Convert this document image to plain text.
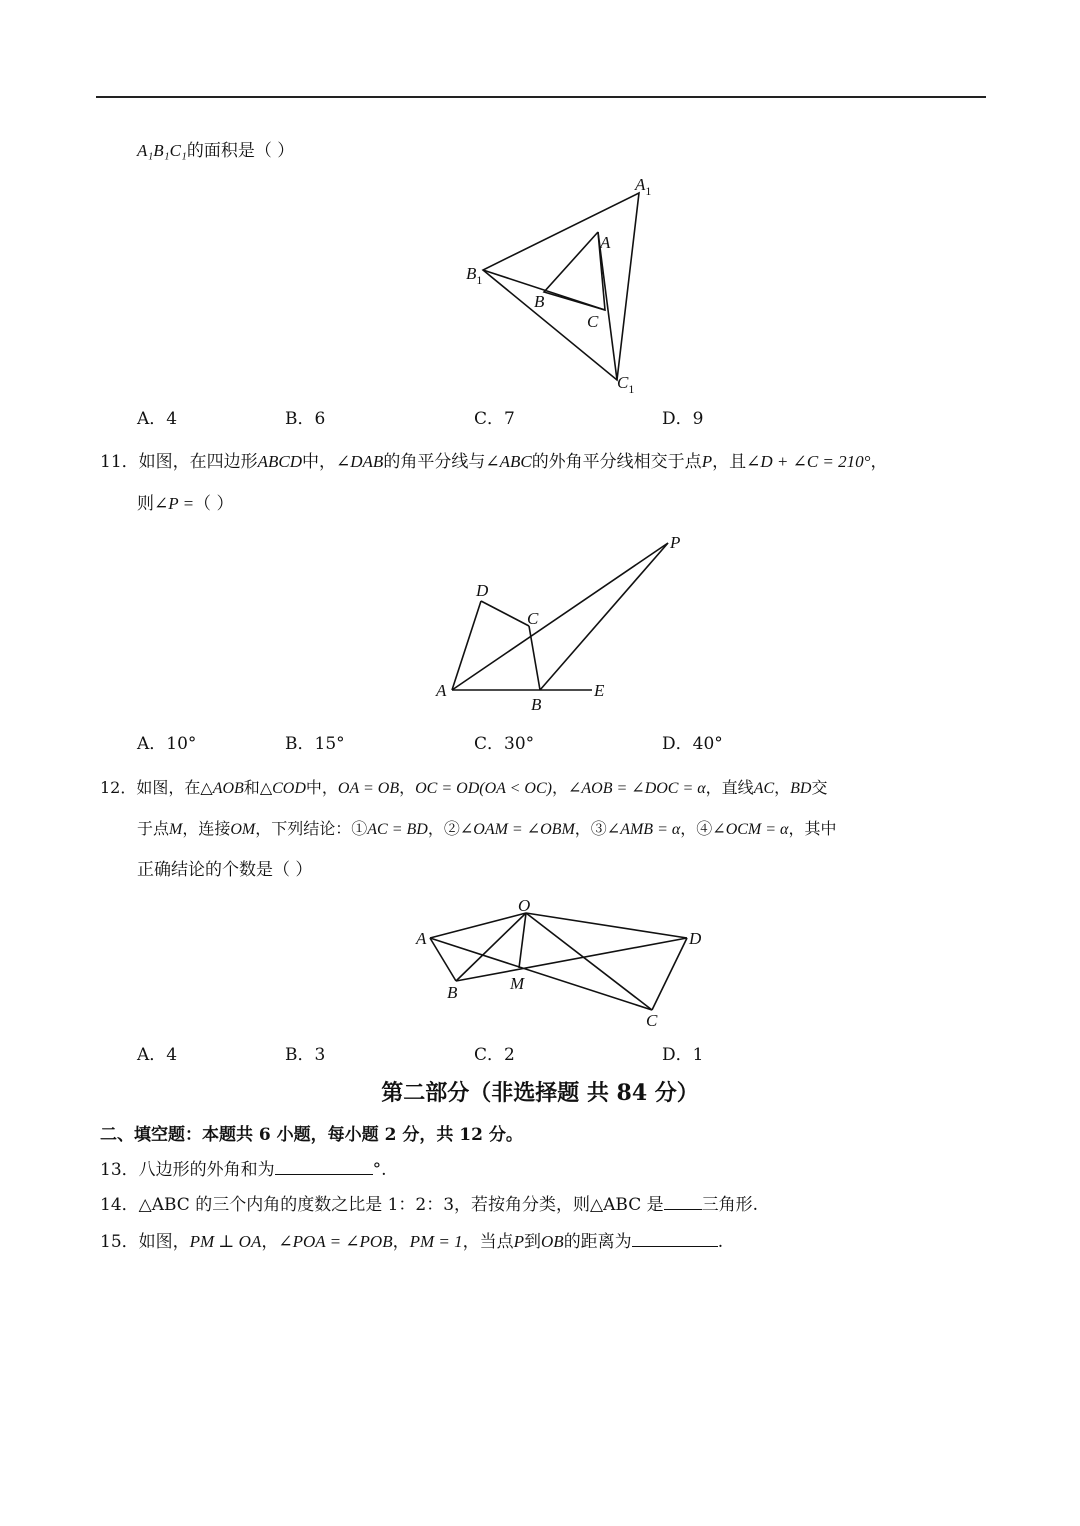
A₁B₁C₁的面积是（ ）
$A_1$
A
$B_1$
B
C
$C_1$
P
D
C
A
B
E
O
A	D
B	M
C
A．4	B．6	C．7	D．9
11．如图，在四边形ABCD中，∠DAB的角平分线与∠ABC的外角平分线相交于点P，且∠D + ∠C = 210°，
则∠P =（ ）
A．10°	B．15°	C．30°	D．40°
12．如图，在△AOB和△COD中，OA = OB，OC = OD(OA < OC)，∠AOB = ∠DOC = α，直线AC，BD交
于点M，连接OM，下列结论：①AC = BD，②∠OAM = ∠OBM，③∠AMB = α，④∠OCM = α，其中
正确结论的个数是（ ）
A．4	B．3	C．2	D．1
第二部分（非选择题 共 84 分）
二、填空题：本题共 6 小题，每小题 2 分，共 12 分。
13．八边形的外角和为	°.
14．△ABC 的三个内角的度数之比是 1：2：3，若按角分类，则△ABC 是 三角形.
15．如图，PM ⊥ OA，∠POA = ∠POB，PM = 1，当点P到OB的距离为	.
